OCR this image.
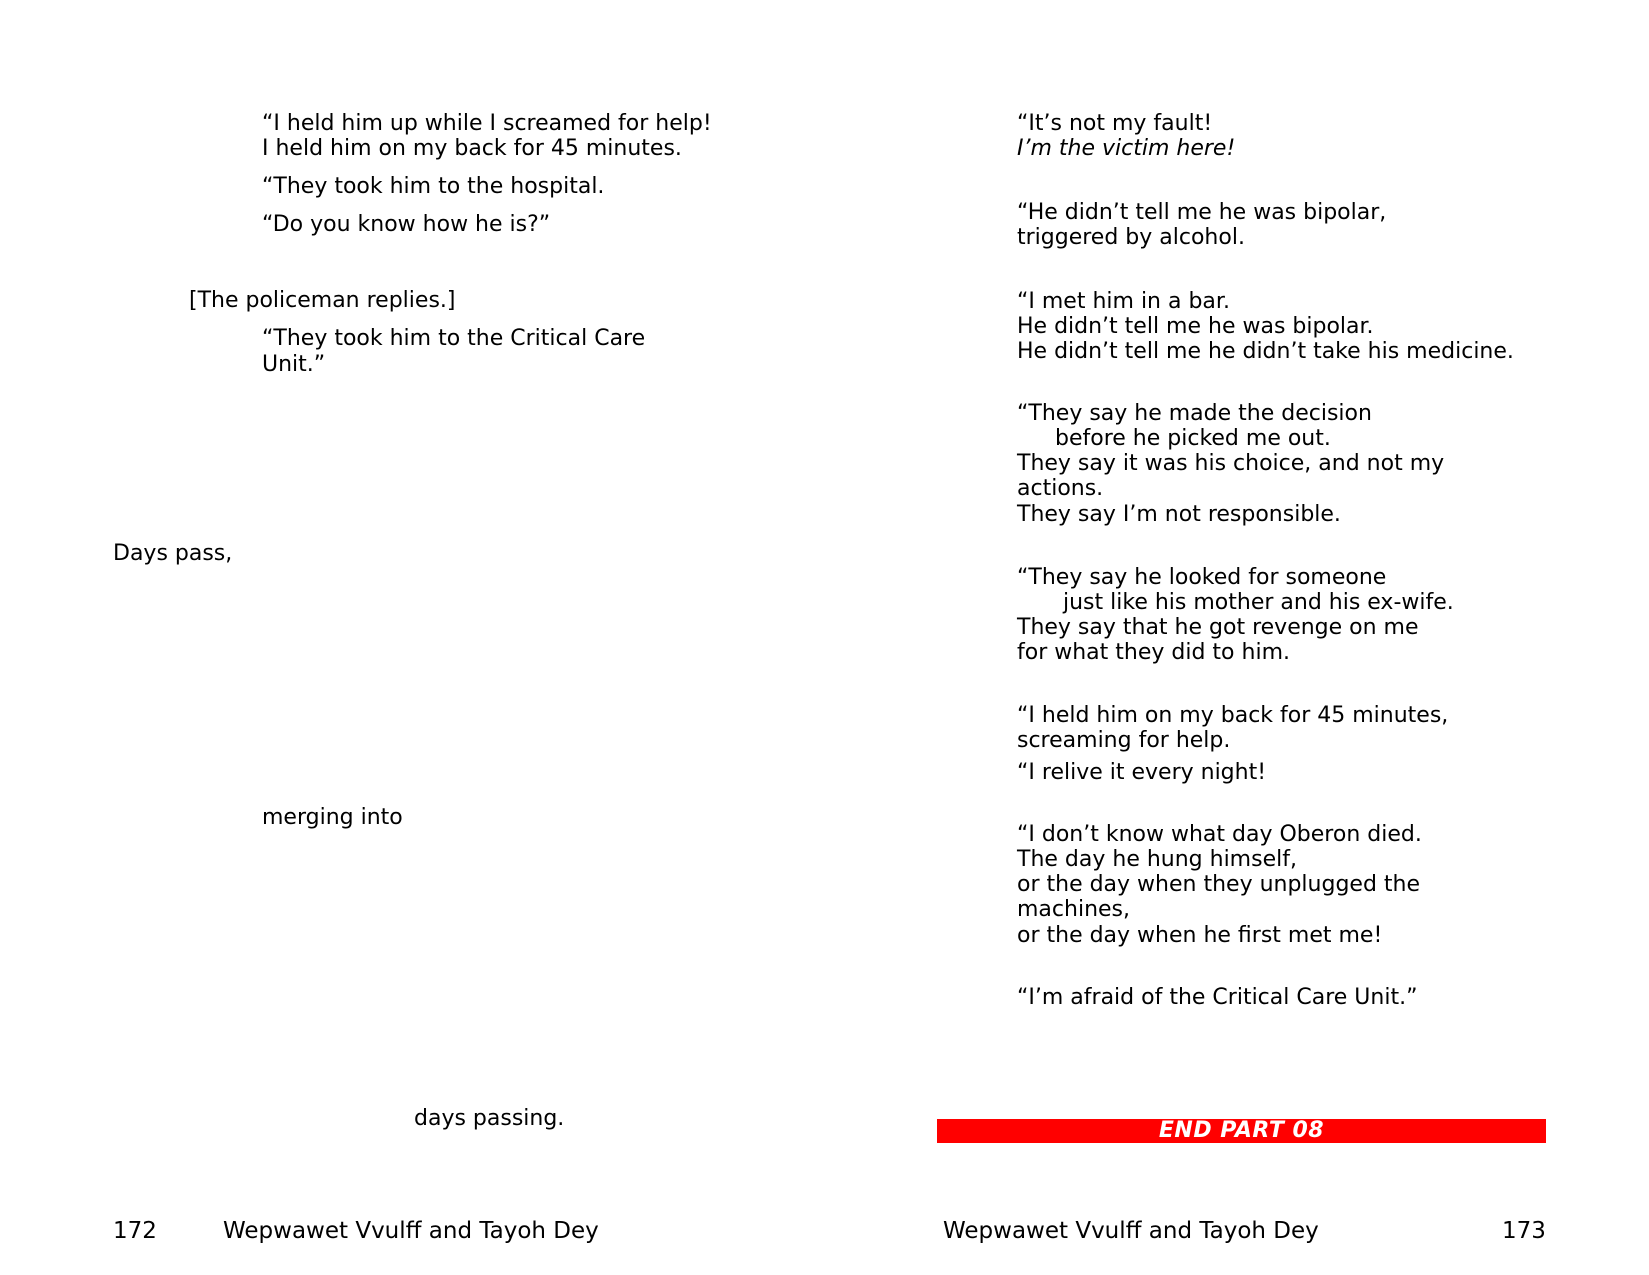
“I held him up while I screamed for help!
I held him on my back for 45 minutes.
“They took him to the hospital.
“Do you know how he is?”
[The policeman replies.]
“They took him to the Critical Care
Unit.”
Days pass,
merging into
days passing.
172	Wepwawet Vvulff and Tayoh Dey
“It’s not my fault!
I’m the victim here!
“He didn’t tell me he was bipolar,
triggered by alcohol.
“I met him in a bar.
He didn’t tell me he was bipolar.
He didn’t tell me he didn’t take his medicine.
“They say he made the decision
before he picked me out.
They say it was his choice, and not my
actions.
They say I’m not responsible.
“They say he looked for someone
just like his mother and his ex-wife.
They say that he got revenge on me
for what they did to him.
“I held him on my back for 45 minutes,
screaming for help.
“I relive it every night!
“I don’t know what day Oberon died.
The day he hung himself,
or the day when they unplugged the
machines,
or the day when he first met me!
“I’m afraid of the Critical Care Unit.”
END PART 08
Wepwawet Vvulff and Tayoh Dey	173
